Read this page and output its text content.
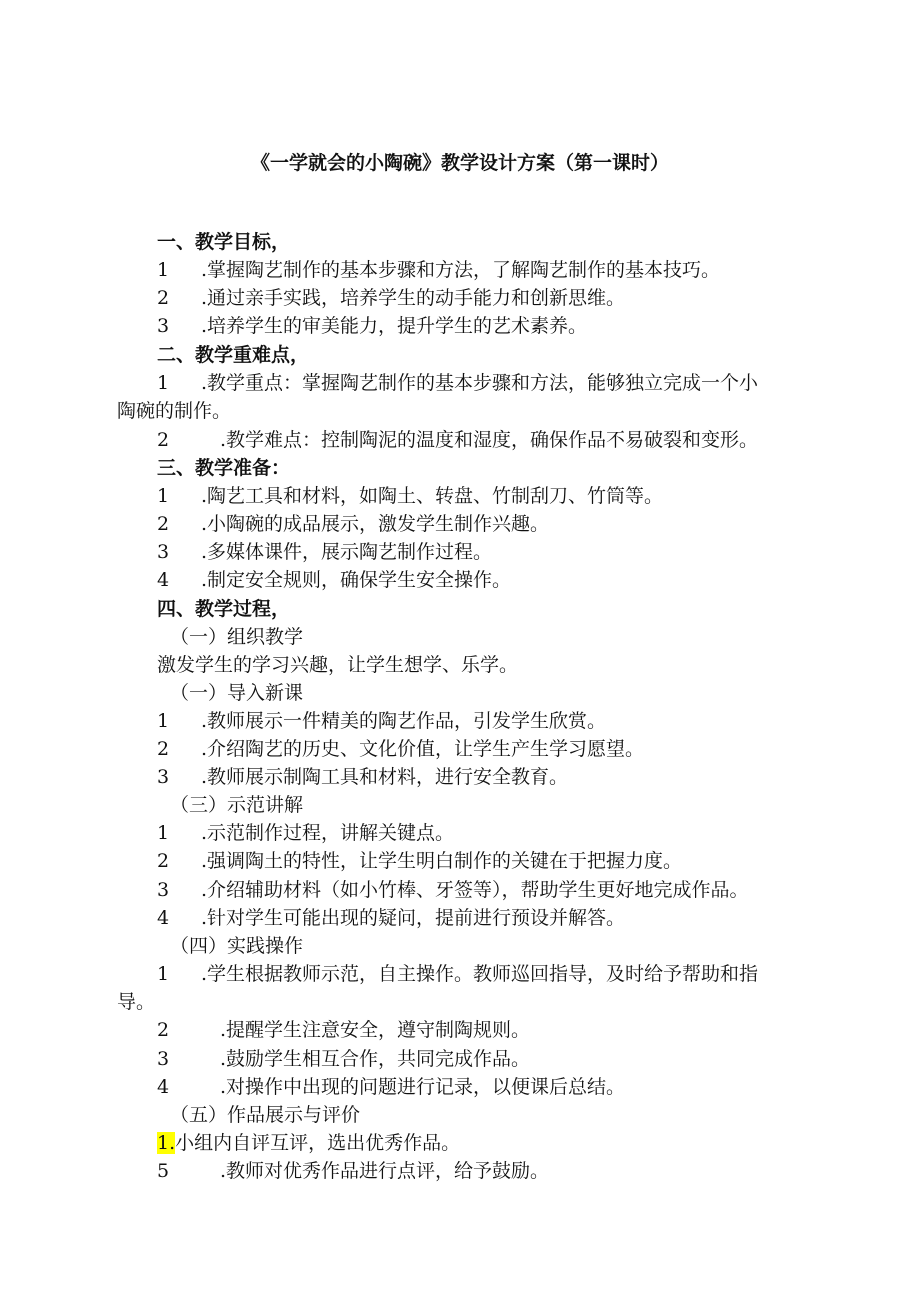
《一学就会的小陶碗》教学设计方案（第一课时）
一、教学目标，
1 .掌握陶艺制作的基本步骤和方法，了解陶艺制作的基本技巧。
2 .通过亲手实践，培养学生的动手能力和创新思维。
3 .培养学生的审美能力，提升学生的艺术素养。
二、教学重难点，
1 .教学重点：掌握陶艺制作的基本步骤和方法，能够独立完成一个小
陶碗的制作。
2	.教学难点：控制陶泥的温度和湿度，确保作品不易破裂和变形。
三、教学准备：
1 .陶艺工具和材料，如陶土、转盘、竹制刮刀、竹筒等。
2 .小陶碗的成品展示，激发学生制作兴趣。
3 .多媒体课件，展示陶艺制作过程。
4 .制定安全规则，确保学生安全操作。
四、教学过程，
（一）组织教学
激发学生的学习兴趣，让学生想学、乐学。
（一）导入新课
1 .教师展示一件精美的陶艺作品，引发学生欣赏。
2 .介绍陶艺的历史、文化价值，让学生产生学习愿望。
3 .教师展示制陶工具和材料，进行安全教育。
（三）示范讲解
1 .示范制作过程，讲解关键点。
2 .强调陶土的特性，让学生明白制作的关键在于把握力度。
3 .介绍辅助材料（如小竹棒、牙签等），帮助学生更好地完成作品。
4 .针对学生可能出现的疑问，提前进行预设并解答。
（四）实践操作
1 .学生根据教师示范，自主操作。教师巡回指导，及时给予帮助和指
导。
2	.提醒学生注意安全，遵守制陶规则。
3	.鼓励学生相互合作，共同完成作品。
4	.对操作中出现的问题进行记录，以便课后总结。
（五）作品展示与评价
1.小组内自评互评，选出优秀作品。
5	.教师对优秀作品进行点评，给予鼓励。
